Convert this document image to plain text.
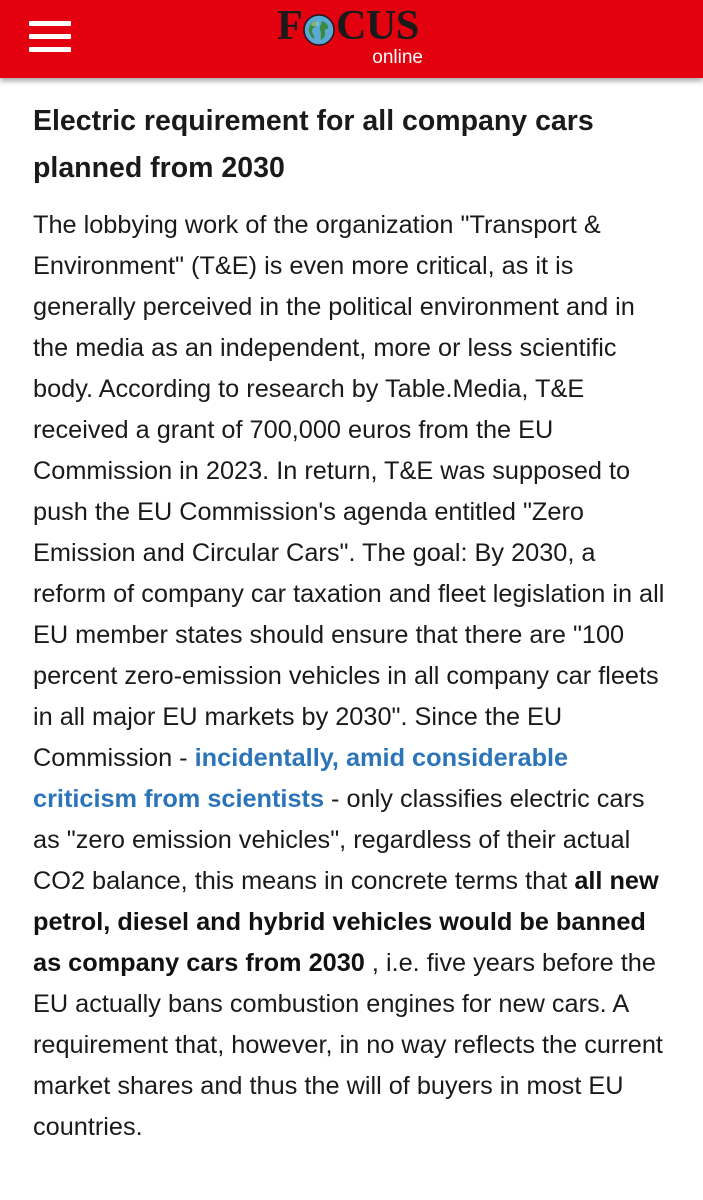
F CUS
online
Electric requirement for all company cars planned from 2030

The lobbying work of the organization "Transport & Environment" (T&E) is even more critical, as it is generally perceived in the political environment and in the media as an independent, more or less scientific body. According to research by Table.Media, T&E received a grant of 700,000 euros from the EU Commission in 2023. In return, T&E was supposed to push the EU Commission's agenda entitled "Zero Emission and Circular Cars". The goal: By 2030, a reform of company car taxation and fleet legislation in all EU member states should ensure that there are "100 percent zero-emission vehicles in all company car fleets in all major EU markets by 2030". Since the EU Commission - incidentally, amid considerable criticism from scientists - only classifies electric cars as "zero emission vehicles", regardless of their actual CO2 balance, this means in concrete terms that all new petrol, diesel and hybrid vehicles would be banned as company cars from 2030 , i.e. five years before the EU actually bans combustion engines for new cars. A requirement that, however, in no way reflects the current market shares and thus the will of buyers in most EU countries.
